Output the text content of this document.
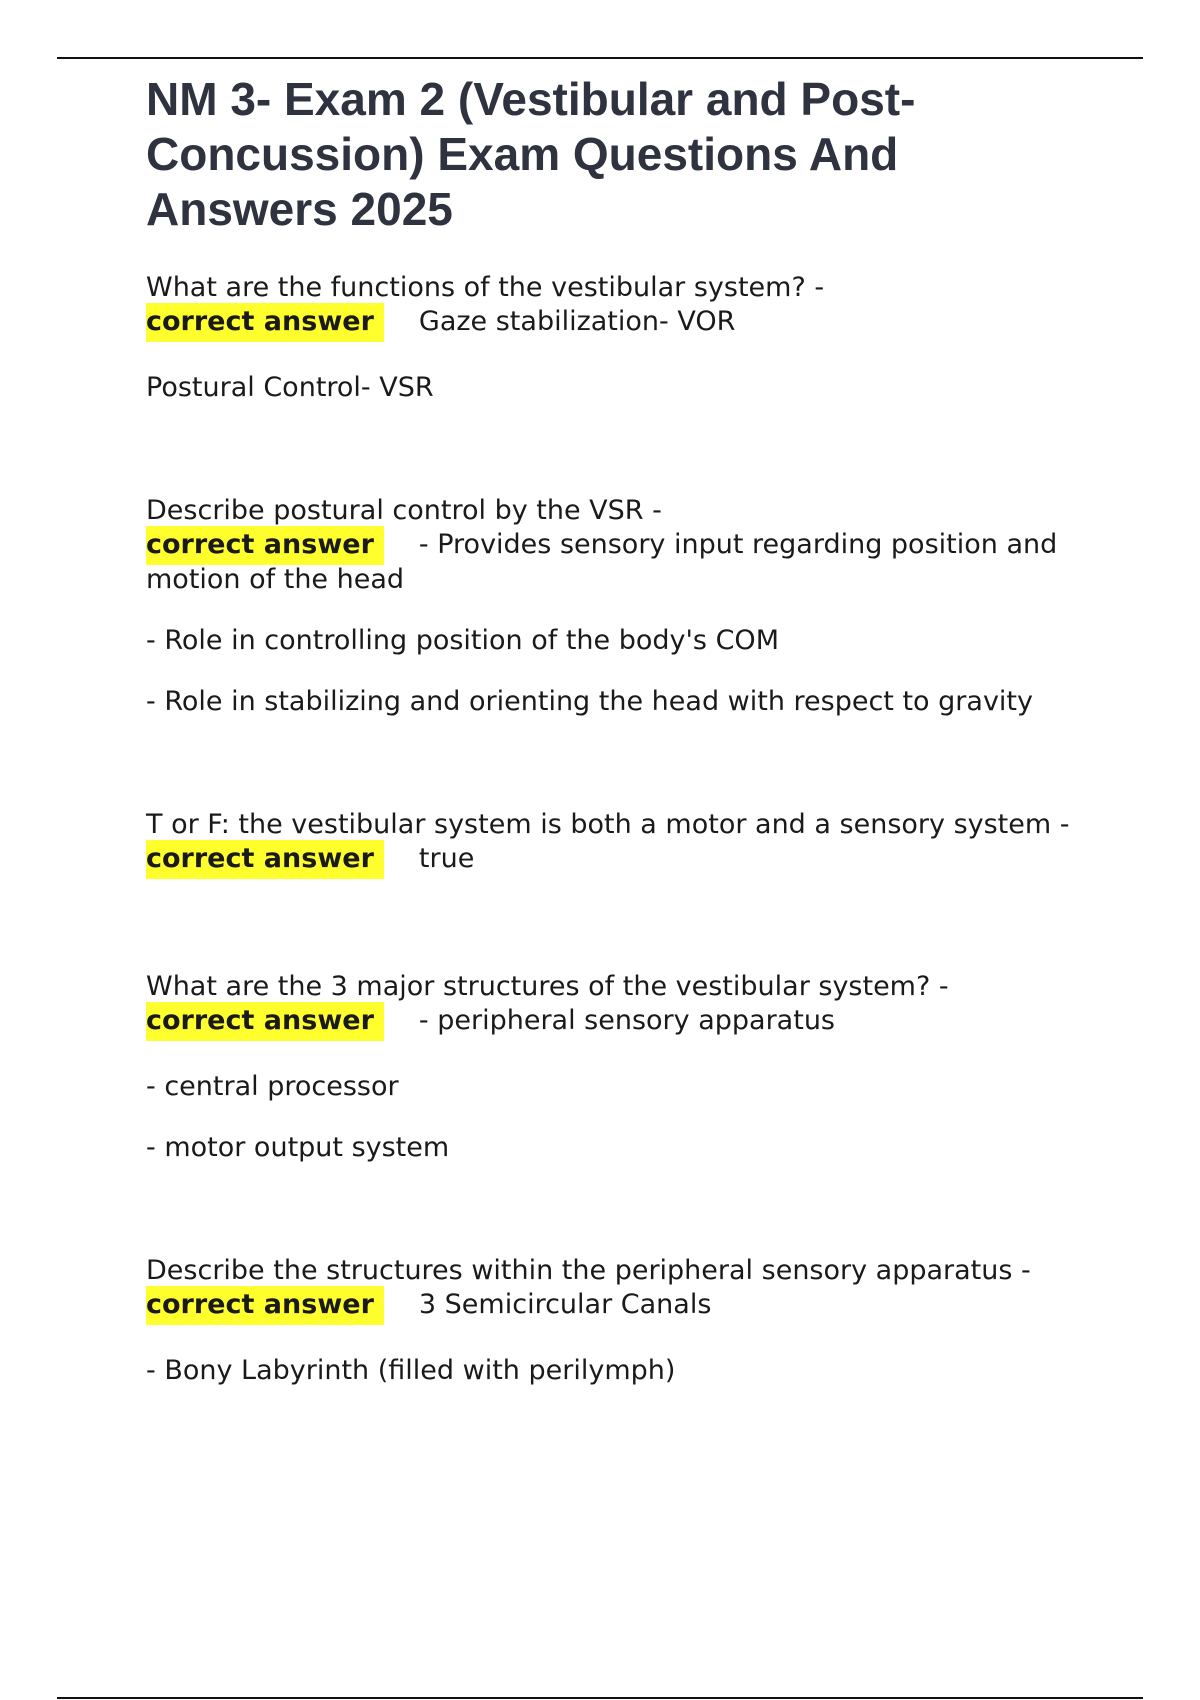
NM 3- Exam 2 (Vestibular and Post-Concussion) Exam Questions And Answers 2025

What are the functions of the vestibular system? -

correct answer Gaze stabilization- VOR

Postural Control- VSR

Describe postural control by the VSR -

correct answer - Provides sensory input regarding position and motion of the head

- Role in controlling position of the body's COM

- Role in stabilizing and orienting the head with respect to gravity

T or F: the vestibular system is both a motor and a sensory system -

correct answer true

What are the 3 major structures of the vestibular system? -

correct answer - peripheral sensory apparatus

- central processor

- motor output system

Describe the structures within the peripheral sensory apparatus -

correct answer 3 Semicircular Canals

- Bony Labyrinth (filled with perilymph)
